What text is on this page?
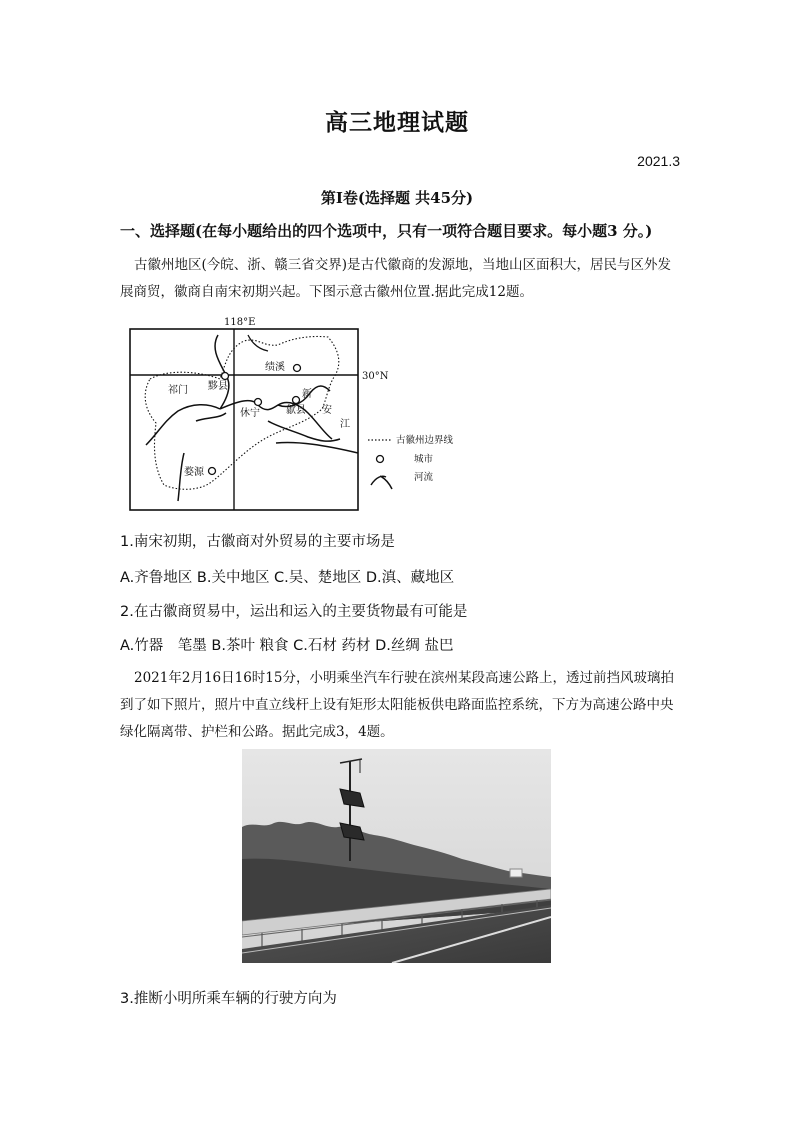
高三地理试题
2021.3
第Ⅰ卷(选择题 共45分)
一、选择题(在每小题给出的四个选项中，只有一项符合题目要求。每小题3 分。)
古徽州地区(今皖、浙、赣三省交界)是古代徽商的发源地，当地山区面积大，居民与区外发展商贸，徽商自南宋初期兴起。下图示意古徽州位置.据此完成12题。
118°E
30°N
绩溪
黟县
祁门
休宁	歙县
婺源
新
安
江
古徽州边界线
城市
河流
1.南宋初期，古徽商对外贸易的主要市场是
A.齐鲁地区 B.关中地区 C.吴、楚地区 D.滇、藏地区
2.在古徽商贸易中，运出和运入的主要货物最有可能是
A.竹器　笔墨 B.茶叶 粮食 C.石材 药材 D.丝绸 盐巴
2021年2月16日16时15分，小明乘坐汽车行驶在滨州某段高速公路上，透过前挡风玻璃拍到了如下照片，照片中直立线杆上设有矩形太阳能板供电路面监控系统，下方为高速公路中央绿化隔离带、护栏和公路。据此完成3，4题。
3.推断小明所乘车辆的行驶方向为
